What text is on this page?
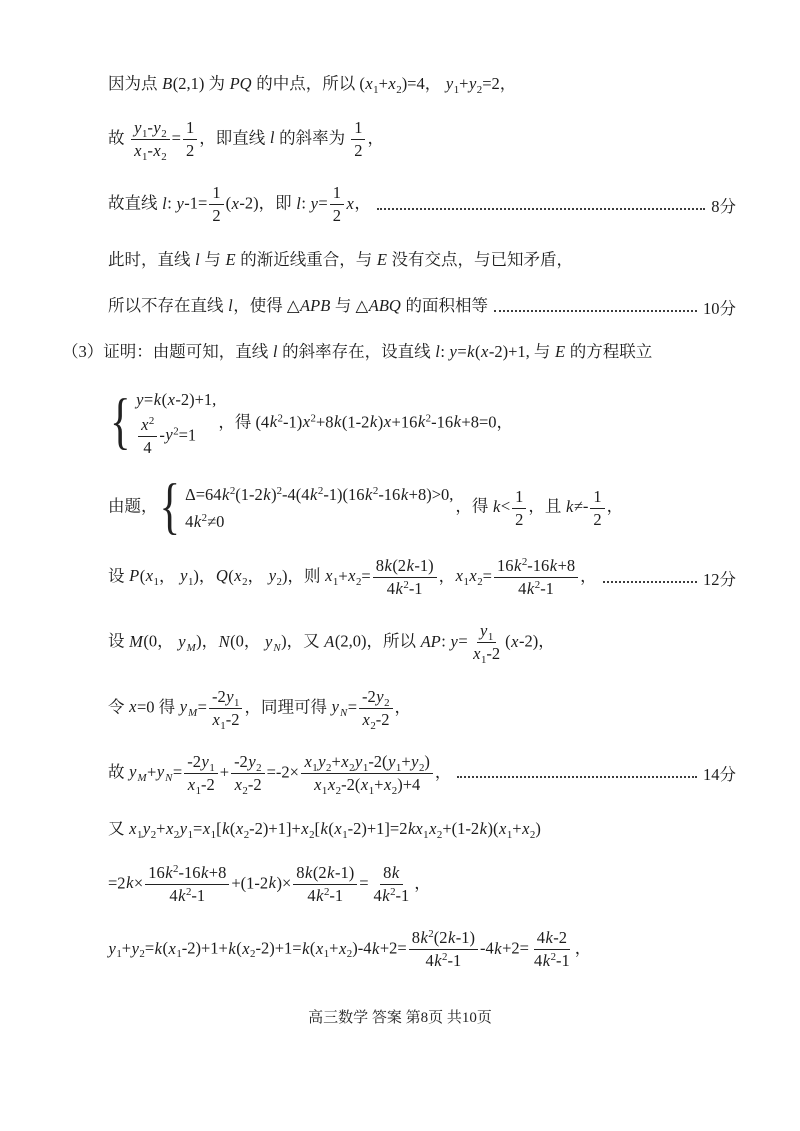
因为点 B(2,1) 为 PQ 的中点，所以 $(x_1+x_2)=4$， $y_1+y_2=2$，
故 $\frac{y_1-y_2}{x_1-x_2} = \frac{1}{2}$ ，即直线 l 的斜率为 $\frac{1}{2}$ ，
故直线 l: $y-1= \frac{1}{2} (x-2)$，即 l: $y= \frac{1}{2}$ x，	8分
此时，直线 l 与 E 的渐近线重合，与 E 没有交点，与已知矛盾，
所以不存在直线 l，使得 △APB 与 △ABQ 的面积相等	10分
（3）证明：由题可知，直线 l 的斜率存在，设直线 l: y=k(x-2)+1, 与 E 的方程联立
{ y=k(x-2)+1,
$\frac{x^2}{4} -y^2=1$
，得 $(4k^2-1)x^2+8k(1-2k)x+16k^2-16k+8=0$，
由题， { $\Delta=64k^2(1-2k)^2-4(4k^2-1)(16k^2-16k+8)>0$,
$4k^2\ne 0$
，得 $k< \frac{1}{2}$ ，且 $k\ne- \frac{1}{2}$ ，
设 $P(x_1$， $y_1$)，$Q(x_2$， $y_2$)，则 $x_1+x_2= \frac{8k(2k-1)}{4k^2-1}$ ，$x_1x_2= \frac{16k^2-16k+8}{4k^2-1}$ ，	12分
设 M(0， $y_M$)，N(0， $y_N$)，又 A(2,0)，所以 AP: $y= \frac{y_1}{x_1-2} (x-2)$，
令 x=0 得 $y_M= \frac{-2y_1}{x_1-2}$ ，同理可得 $y_N= \frac{-2y_2}{x_2-2}$ ，
故 $y_M+y_N= \frac{-2y_1}{x_1-2} + \frac{-2y_2}{x_2-2} =-2\times \frac{x_1y_2+x_2y_1-2(y_1+y_2)}{x_1x_2-2(x_1+x_2)+4}$ ，	14分
又 $x_1y_2+x_2y_1=x_1[k(x_2-2)+1]+x_2[k(x_1-2)+1]=2kx_1x_2+(1-2k)(x_1+x_2)$
$=2k\times \frac{16k^2-16k+8}{4k^2-1} +(1-2k)\times \frac{8k(2k-1)}{4k^2-1} = \frac{8k}{4k^2-1}$ ，
$y_1+y_2=k(x_1-2)+1+k(x_2-2)+1=k(x_1+x_2)-4k+2= \frac{8k^2(2k-1)}{4k^2-1} -4k+2= \frac{4k-2}{4k^2-1}$ ，
高三数学 答案 第8页 共10页
